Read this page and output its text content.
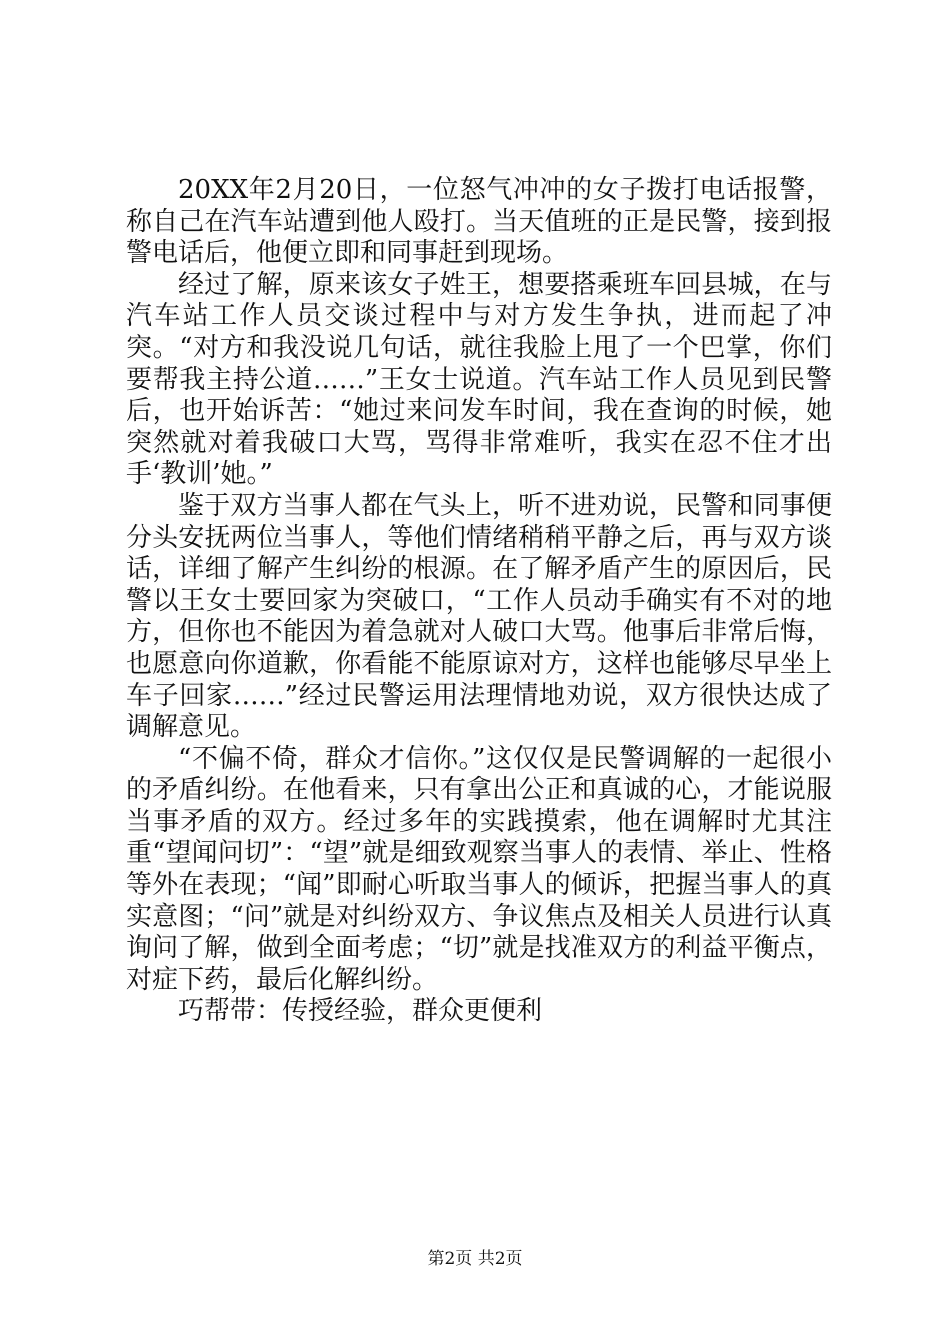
20XX年2月20日，一位怒气冲冲的女子拨打电话报警，称自己在汽车站遭到他人殴打。当天值班的正是民警，接到报警电话后，他便立即和同事赶到现场。

经过了解，原来该女子姓王，想要搭乘班车回县城，在与汽车站工作人员交谈过程中与对方发生争执，进而起了冲突。“对方和我没说几句话，就往我脸上甩了一个巴掌，你们要帮我主持公道……”王女士说道。汽车站工作人员见到民警后，也开始诉苦：“她过来问发车时间，我在查询的时候，她突然就对着我破口大骂，骂得非常难听，我实在忍不住才出手‘教训’她。”

鉴于双方当事人都在气头上，听不进劝说，民警和同事便分头安抚两位当事人，等他们情绪稍稍平静之后，再与双方谈话，详细了解产生纠纷的根源。在了解矛盾产生的原因后，民警以王女士要回家为突破口，“工作人员动手确实有不对的地方，但你也不能因为着急就对人破口大骂。他事后非常后悔，也愿意向你道歉，你看能不能原谅对方，这样也能够尽早坐上车子回家……”经过民警运用法理情地劝说，双方很快达成了调解意见。

“不偏不倚，群众才信你。”这仅仅是民警调解的一起很小的矛盾纠纷。在他看来，只有拿出公正和真诚的心，才能说服当事矛盾的双方。经过多年的实践摸索，他在调解时尤其注重“望闻问切”：“望”就是细致观察当事人的表情、举止、性格等外在表现；“闻”即耐心听取当事人的倾诉，把握当事人的真实意图；“问”就是对纠纷双方、争议焦点及相关人员进行认真询问了解，做到全面考虑；“切”就是找准双方的利益平衡点，对症下药，最后化解纠纷。

巧帮带：传授经验，群众更便利

第2页 共2页
